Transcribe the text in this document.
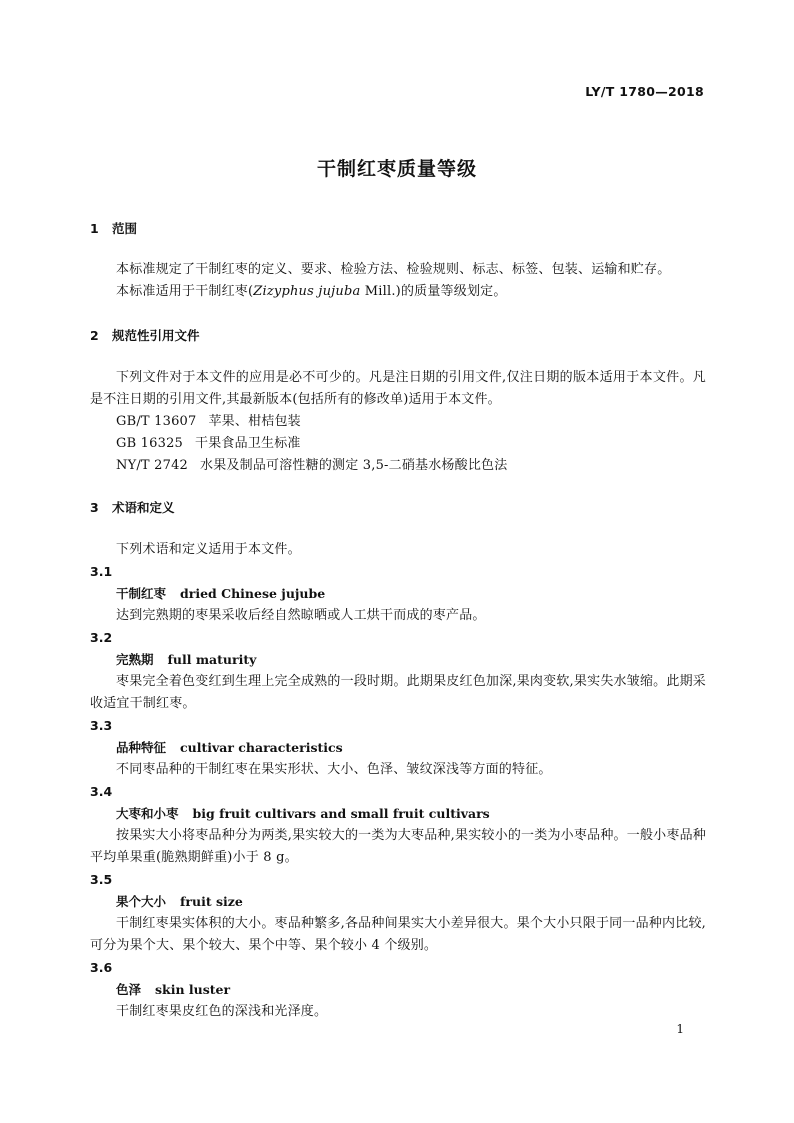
LY/T 1780—2018
干制红枣质量等级
1 范围
本标准规定了干制红枣的定义、要求、检验方法、检验规则、标志、标签、包装、运输和贮存。
本标准适用于干制红枣(Zizyphus jujuba Mill.)的质量等级划定。
2 规范性引用文件
下列文件对于本文件的应用是必不可少的。凡是注日期的引用文件,仅注日期的版本适用于本文件。凡是不注日期的引用文件,其最新版本(包括所有的修改单)适用于本文件。
GB/T 13607 苹果、柑桔包装
GB 16325 干果食品卫生标准
NY/T 2742 水果及制品可溶性糖的测定 3,5-二硝基水杨酸比色法
3 术语和定义
下列术语和定义适用于本文件。
3.1
干制红枣 dried Chinese jujube
达到完熟期的枣果采收后经自然晾晒或人工烘干而成的枣产品。
3.2
完熟期 full maturity
枣果完全着色变红到生理上完全成熟的一段时期。此期果皮红色加深,果肉变软,果实失水皱缩。此期采收适宜干制红枣。
3.3
品种特征 cultivar characteristics
不同枣品种的干制红枣在果实形状、大小、色泽、皱纹深浅等方面的特征。
3.4
大枣和小枣 big fruit cultivars and small fruit cultivars
按果实大小将枣品种分为两类,果实较大的一类为大枣品种,果实较小的一类为小枣品种。一般小枣品种平均单果重(脆熟期鲜重)小于 8 g。
3.5
果个大小 fruit size
干制红枣果实体积的大小。枣品种繁多,各品种间果实大小差异很大。果个大小只限于同一品种内比较,可分为果个大、果个较大、果个中等、果个较小 4 个级别。
3.6
色泽 skin luster
干制红枣果皮红色的深浅和光泽度。
1
